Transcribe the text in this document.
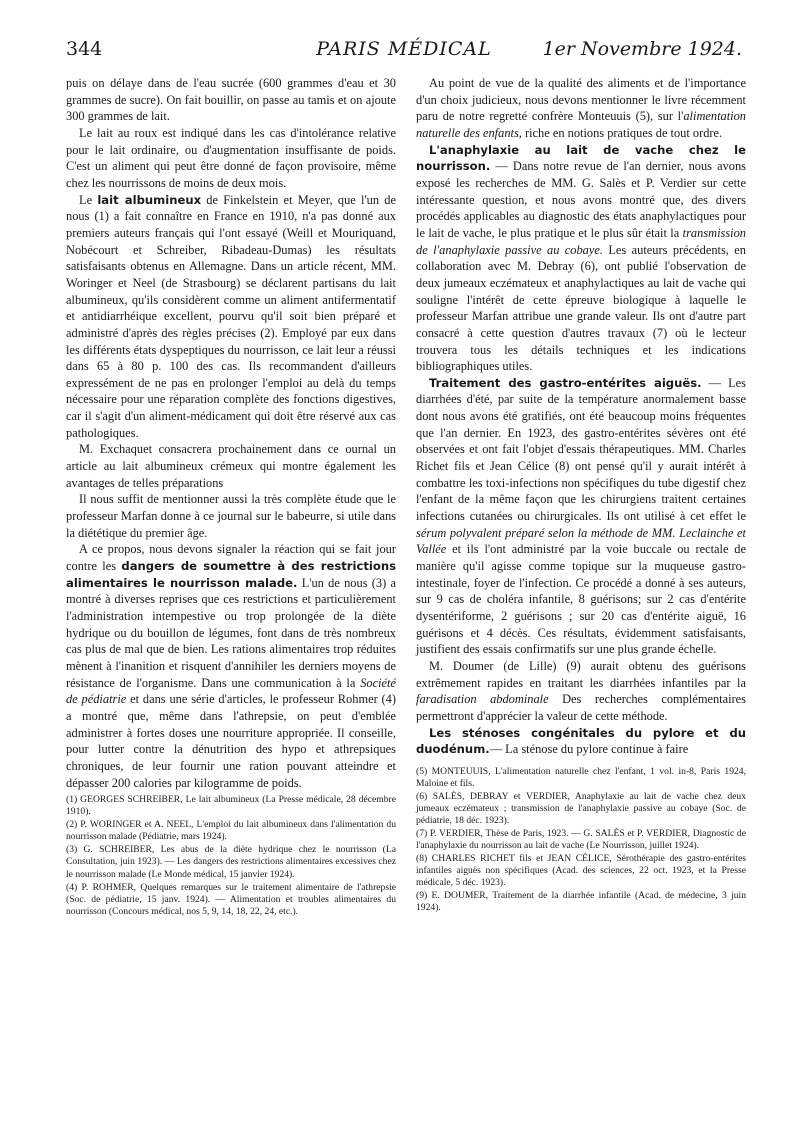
344	PARIS MÉDICAL	1er Novembre 1924.

puis on délaye dans de l'eau sucrée (600 grammes d'eau et 30 grammes de sucre). On fait bouillir, on passe au tamis et on ajoute 300 grammes de lait.

Le lait au roux est indiqué dans les cas d'intolérance relative pour le lait ordinaire, ou d'augmentation insuffisante de poids. C'est un aliment qui peut être donné de façon provisoire, même chez les nourrissons de moins de deux mois.

Le lait albumineux de Finkelstein et Meyer, que l'un de nous (1) a fait connaître en France en 1910, n'a pas donné aux premiers auteurs français qui l'ont essayé (Weill et Mouriquand, Nobécourt et Schreiber, Ribadeau-Dumas) les résultats satisfaisants obtenus en Allemagne. Dans un article récent, MM. Woringer et Neel (de Strasbourg) se déclarent partisans du lait albumineux, qu'ils considèrent comme un aliment antifermentatif et antidiarrhéique excellent, pourvu qu'il soit bien préparé et administré d'après des règles précises (2). Employé par eux dans les différents états dyspeptiques du nourrisson, ce lait leur a réussi dans 65 à 80 p. 100 des cas. Ils recommandent d'ailleurs expressément de ne pas en prolonger l'emploi au delà du temps nécessaire pour une réparation complète des fonctions digestives, car il s'agit d'un aliment-médicament qui doit être réservé aux cas pathologiques.

M. Exchaquet consacrera prochainement dans ce ournal un article au lait albumineux crémeux qui montre également les avantages de telles préparations

Il nous suffit de mentionner aussi la très complète étude que le professeur Marfan donne à ce journal sur le babeurre, si utile dans la diététique du premier âge.

A ce propos, nous devons signaler la réaction qui se fait jour contre les dangers de soumettre à des restrictions alimentaires le nourrisson malade. L'un de nous (3) a montré à diverses reprises que ces restrictions et particulièrement l'administration intempestive ou trop prolongée de la diète hydrique ou du bouillon de légumes, font dans de très nombreux cas plus de mal que de bien. Les rations alimentaires trop réduites mènent à l'inanition et risquent d'annihiler les derniers moyens de résistance de l'organisme. Dans une communication à la Société de pédiatrie et dans une série d'articles, le professeur Rohmer (4) a montré que, même dans l'athrepsie, on peut d'emblée administrer à fortes doses une nourriture appropriée. Il conseille, pour lutter contre la dénutrition des hypo et athrepsiques chroniques, de leur fournir une ration pouvant atteindre et dépasser 200 calories par kilogramme de poids.

(1) GEORGES SCHREIBER, Le lait albumineux (La Presse médicale, 28 décembre 1910).

(2) P. WORINGER et A. NEEL, L'emploi du lait albumineux dans l'alimentation du nourrisson malade (Pédiatrie, mars 1924).

(3) G. SCHREIBER, Les abus de la diète hydrique chez le nourrisson (La Consultation, juin 1923). — Les dangers des restrictions alimentaires excessives chez le nourrisson malade (Le Monde médical, 15 janvier 1924).

(4) P. ROHMER, Quelques remarques sur le traitement alimentaire de l'athrepsie (Soc. de pédiatrie, 15 janv. 1924). — Alimentation et troubles alimentaires du nourrisson (Concours médical, nos 5, 9, 14, 18, 22, 24, etc.).

Au point de vue de la qualité des aliments et de l'importance d'un choix judicieux, nous devons mentionner le livre récemment paru de notre regretté confrère Monteuuis (5), sur l'alimentation naturelle des enfants, riche en notions pratiques de tout ordre.

L'anaphylaxie au lait de vache chez le nourrisson. — Dans notre revue de l'an dernier, nous avons exposé les recherches de MM. G. Salès et P. Verdier sur cette intéressante question, et nous avons montré que, des divers procédés applicables au diagnostic des états anaphylactiques pour le lait de vache, le plus pratique et le plus sûr était la transmission de l'anaphylaxie passive au cobaye. Les auteurs précédents, en collaboration avec M. Debray (6), ont publié l'observation de deux jumeaux eczémateux et anaphylactiques au lait de vache qui souligne l'intérêt de cette épreuve biologique à laquelle le professeur Marfan attribue une grande valeur. Ils ont d'autre part consacré à cette question d'autres travaux (7) où le lecteur trouvera tous les détails techniques et les indications bibliographiques utiles.

Traitement des gastro-entérites aiguës. — Les diarrhées d'été, par suite de la température anormalement basse dont nous avons été gratifiés, ont été beaucoup moins fréquentes que l'an dernier. En 1923, des gastro-entérites sévères ont été observées et ont fait l'objet d'essais thérapeutiques. MM. Charles Richet fils et Jean Célice (8) ont pensé qu'il y aurait intérêt à combattre les toxi-infections non spécifiques du tube digestif chez l'enfant de la même façon que les chirurgiens traitent certaines infections cutanées ou chirurgicales. Ils ont utilisé à cet effet le sérum polyvalent préparé selon la méthode de MM. Leclainche et Vallée et ils l'ont administré par la voie buccale ou rectale de manière qu'il agisse comme topique sur la muqueuse gastro-intestinale, foyer de l'infection. Ce procédé a donné à ses auteurs, sur 9 cas de choléra infantile, 8 guérisons; sur 2 cas d'entérite dysentériforme, 2 guérisons ; sur 20 cas d'entérite aiguë, 16 guérisons et 4 décès. Ces résultats, évidemment satisfaisants, justifient des essais confirmatifs sur une plus grande échelle.

M. Doumer (de Lille) (9) aurait obtenu des guérisons extrêmement rapides en traitant les diarrhées infantiles par la faradisation abdominale Des recherches complémentaires permettront d'apprécier la valeur de cette méthode.

Les sténoses congénitales du pylore et du duodénum.— La sténose du pylore continue à faire

(5) MONTEUUIS, L'alimentation naturelle chez l'enfant, 1 vol. in-8, Paris 1924, Maloine et fils.

(6) SALÈS, DEBRAY et VERDIER, Anaphylaxie au lait de vache chez deux jumeaux eczémateux ; transmission de l'anaphylaxie passive au cobaye (Soc. de pédiatrie, 18 déc. 1923).

(7) P. VERDIER, Thèse de Paris, 1923. — G. SALÈS et P. VERDIER, Diagnostic de l'anaphylaxie du nourrisson au lait de vache (Le Nourrisson, juillet 1924).

(8) CHARLES RICHET fils et JEAN CÉLICE, Sérothérapie des gastro-entérites infantiles aiguës non spécifiques (Acad. des sciences, 22 oct. 1923, et la Presse médicale, 5 déc. 1923).

(9) E. DOUMER, Traitement de la diarrhée infantile (Acad. de médecine, 3 juin 1924).
